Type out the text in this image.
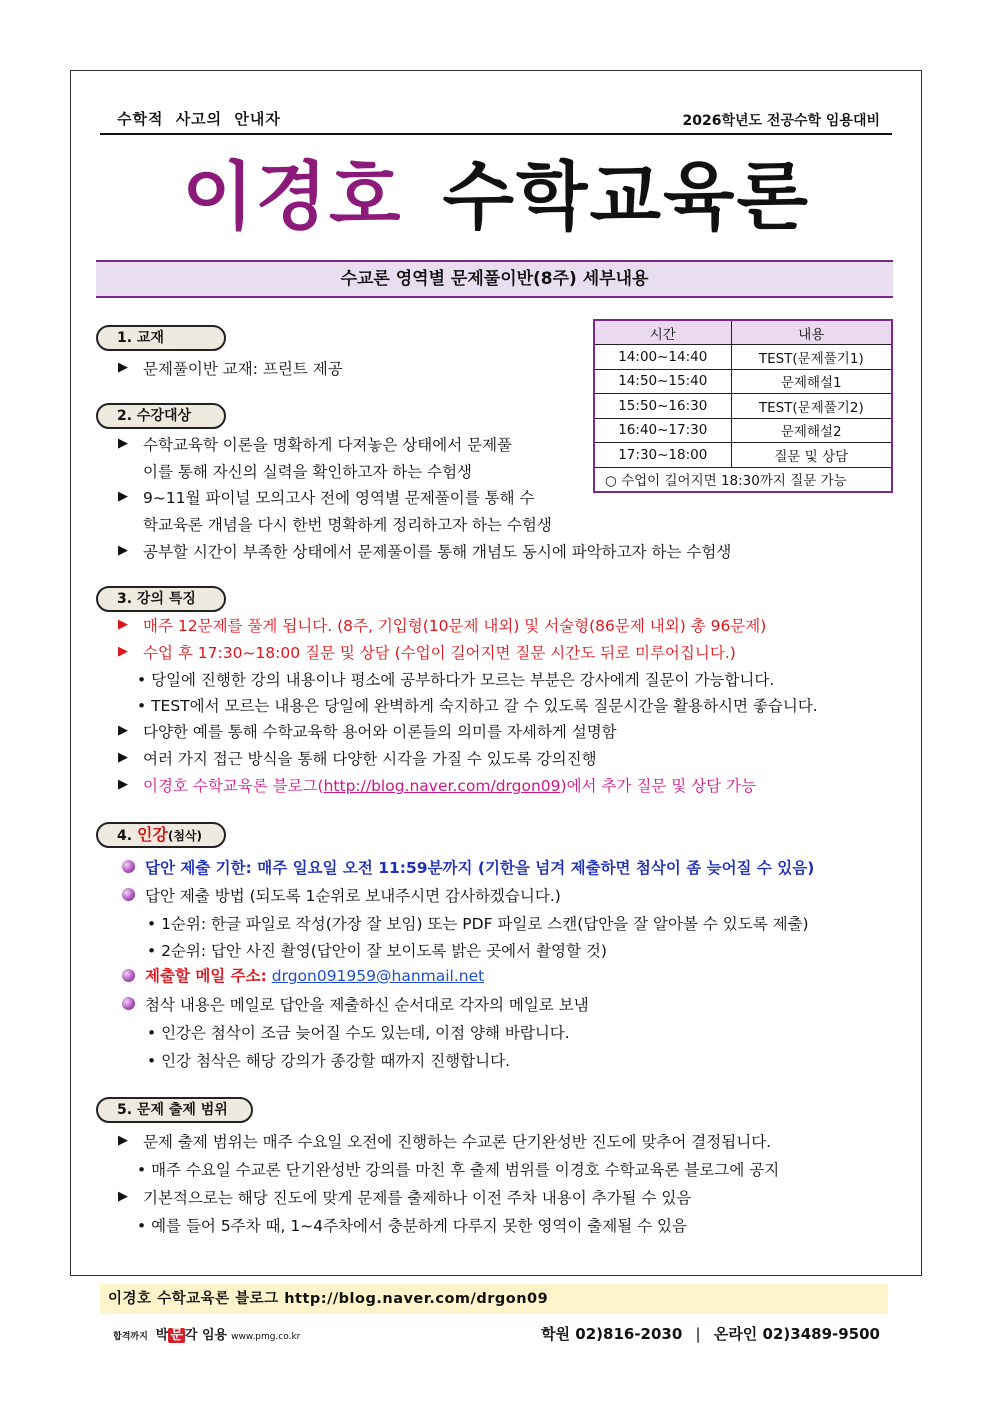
수학적 사고의 안내자	2026학년도 전공수학 임용대비
이경호 수학교육론
수교론 영역별 문제풀이반(8주) 세부내용
시간	내용
14:00~14:40	TEST(문제풀기1)
14:50~15:40	문제해설1
15:50~16:30	TEST(문제풀기2)
16:40~17:30	문제해설2
17:30~18:00	질문 및 상담
○ 수업이 길어지면 18:30까지 질문 가능	
1. 교재
▶ 문제풀이반 교재: 프린트 제공
2. 수강대상
▶ 수학교육학 이론을 명확하게 다져놓은 상태에서 문제풀
이를 통해 자신의 실력을 확인하고자 하는 수험생
▶ 9~11월 파이널 모의고사 전에 영역별 문제풀이를 통해 수
학교육론 개념을 다시 한번 명확하게 정리하고자 하는 수험생
▶ 공부할 시간이 부족한 상태에서 문제풀이를 통해 개념도 동시에 파악하고자 하는 수험생
3. 강의 특징
▶ 매주 12문제를 풀게 됩니다. (8주, 기입형(10문제 내외) 및 서술형(86문제 내외) 총 96문제)
▶ 수업 후 17:30~18:00 질문 및 상담 (수업이 길어지면 질문 시간도 뒤로 미루어집니다.)
• 당일에 진행한 강의 내용이나 평소에 공부하다가 모르는 부분은 강사에게 질문이 가능합니다.
• TEST에서 모르는 내용은 당일에 완벽하게 숙지하고 갈 수 있도록 질문시간을 활용하시면 좋습니다.
▶ 다양한 예를 통해 수학교육학 용어와 이론들의 의미를 자세하게 설명함
▶ 여러 가지 접근 방식을 통해 다양한 시각을 가질 수 있도록 강의진행
▶ 이경호 수학교육론 블로그(http://blog.naver.com/drgon09)에서 추가 질문 및 상담 가능
4. 인강(첨삭)
답안 제출 기한: 매주 일요일 오전 11:59분까지 (기한을 넘겨 제출하면 첨삭이 좀 늦어질 수 있음)
답안 제출 방법 (되도록 1순위로 보내주시면 감사하겠습니다.)
• 1순위: 한글 파일로 작성(가장 잘 보임) 또는 PDF 파일로 스캔(답안을 잘 알아볼 수 있도록 제출)
• 2순위: 답안 사진 촬영(답안이 잘 보이도록 밝은 곳에서 촬영할 것)
제출할 메일 주소: drgon091959@hanmail.net
첨삭 내용은 메일로 답안을 제출하신 순서대로 각자의 메일로 보냄
• 인강은 첨삭이 조금 늦어질 수도 있는데, 이점 양해 바랍니다.
• 인강 첨삭은 해당 강의가 종강할 때까지 진행합니다.
5. 문제 출제 범위
▶ 문제 출제 범위는 매주 수요일 오전에 진행하는 수교론 단기완성반 진도에 맞추어 결정됩니다.
• 매주 수요일 수교론 단기완성반 강의를 마친 후 출제 범위를 이경호 수학교육론 블로그에 공지
▶ 기본적으로는 해당 진도에 맞게 문제를 출제하나 이전 주차 내용이 추가될 수 있음
• 예를 들어 5주차 때, 1~4주차에서 충분하게 다루지 못한 영역이 출제될 수 있음
이경호 수학교육론 블로그 http://blog.naver.com/drgon09
합격까지 박 문 각 임용 www.pmg.co.kr	학원 02)816-2030 | 온라인 02)3489-9500
